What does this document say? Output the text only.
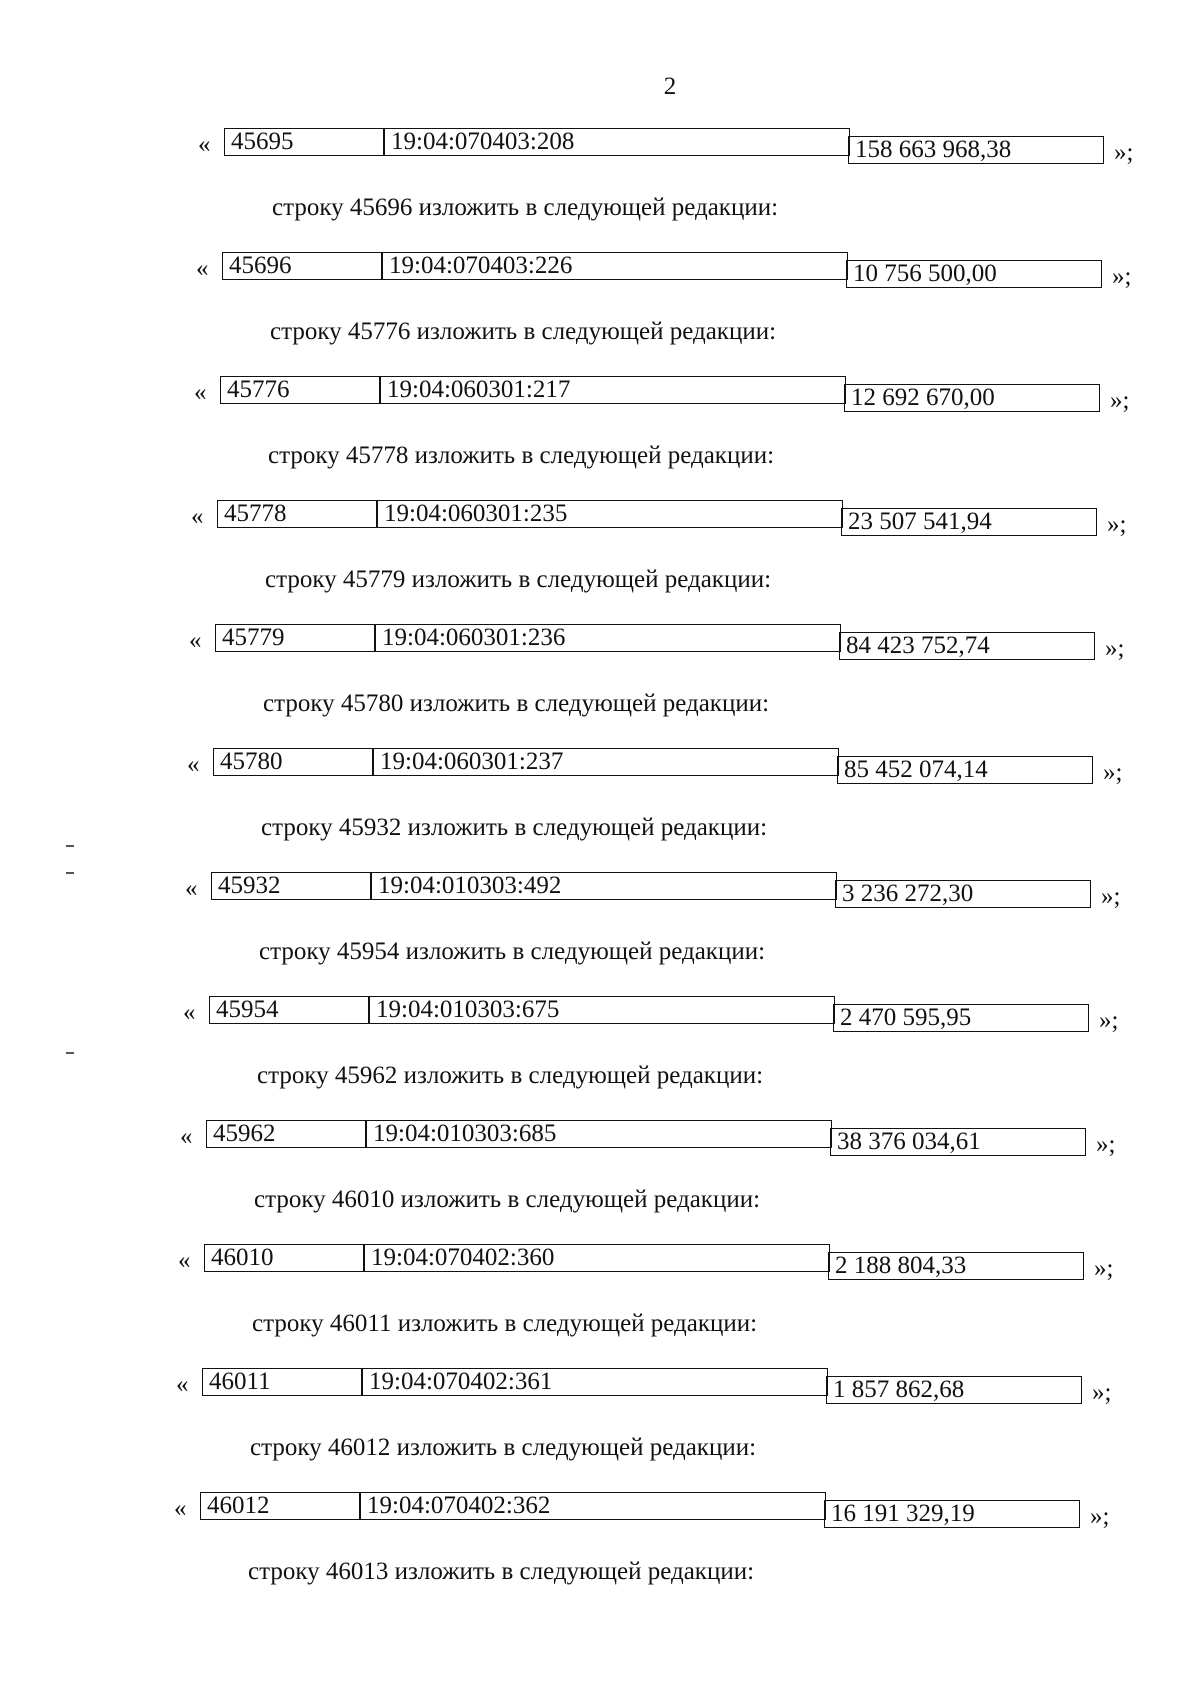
2
« 45695	19:04:070403:208	158 663 968,38	»;
строку 45696 изложить в следующей редакции:
« 45696	19:04:070403:226	10 756 500,00	»;
строку 45776 изложить в следующей редакции:
« 45776	19:04:060301:217	12 692 670,00	»;
строку 45778 изложить в следующей редакции:
« 45778	19:04:060301:235	23 507 541,94	»;
строку 45779 изложить в следующей редакции:
« 45779	19:04:060301:236	84 423 752,74	»;
строку 45780 изложить в следующей редакции:
« 45780	19:04:060301:237	85 452 074,14	»;
строку 45932 изложить в следующей редакции:
« 45932	19:04:010303:492	3 236 272,30	»;
строку 45954 изложить в следующей редакции:
« 45954	19:04:010303:675	2 470 595,95	»;
строку 45962 изложить в следующей редакции:
« 45962	19:04:010303:685	38 376 034,61	»;
строку 46010 изложить в следующей редакции:
« 46010	19:04:070402:360	2 188 804,33	»;
строку 46011 изложить в следующей редакции:
« 46011	19:04:070402:361	1 857 862,68	»;
строку 46012 изложить в следующей редакции:
« 46012	19:04:070402:362	16 191 329,19	»;
строку 46013 изложить в следующей редакции:
